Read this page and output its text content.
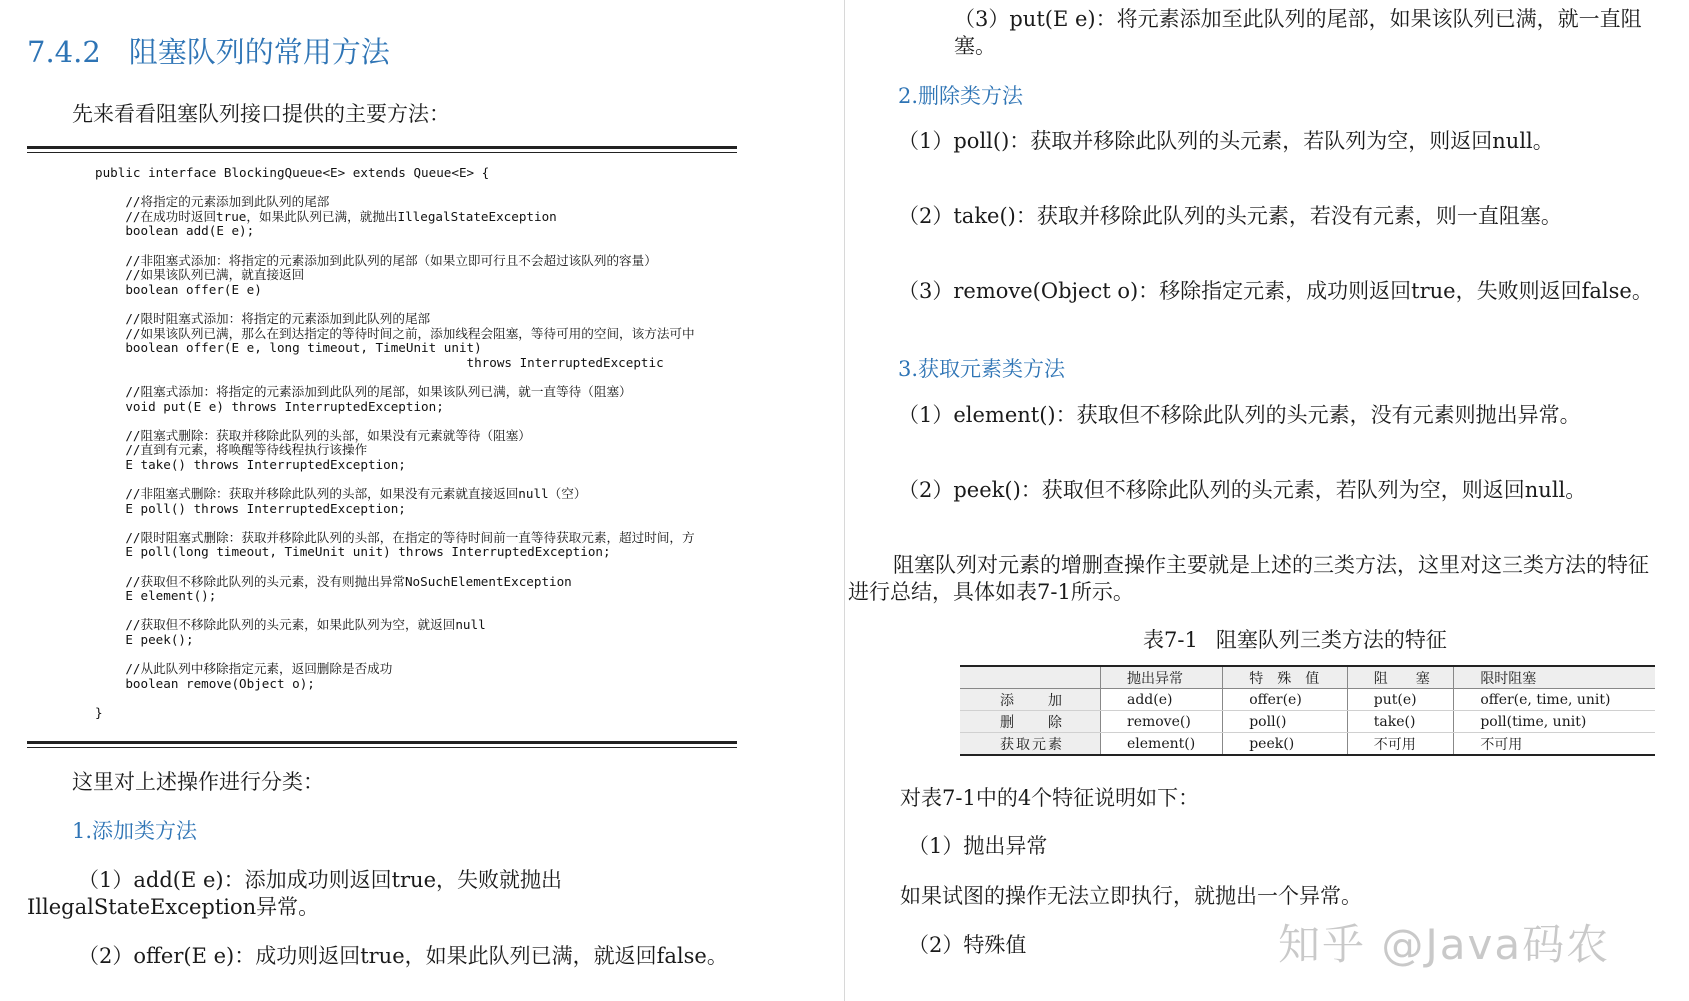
7.4.2 阻塞队列的常用方法
先来看看阻塞队列接口提供的主要方法：
public interface BlockingQueue<E> extends Queue<E> {

//将指定的元素添加到此队列的尾部
//在成功时返回true，如果此队列已满，就抛出IllegalStateException
boolean add(E e);

//非阻塞式添加：将指定的元素添加到此队列的尾部（如果立即可行且不会超过该队列的容量）
//如果该队列已满，就直接返回
boolean offer(E e)

//限时阻塞式添加：将指定的元素添加到此队列的尾部
//如果该队列已满，那么在到达指定的等待时间之前，添加线程会阻塞，等待可用的空间，该方法可中
boolean offer(E e, long timeout, TimeUnit unit)
throws InterruptedExceptic

//阻塞式添加：将指定的元素添加到此队列的尾部，如果该队列已满，就一直等待（阻塞）
void put(E e) throws InterruptedException;

//阻塞式删除：获取并移除此队列的头部，如果没有元素就等待（阻塞）
//直到有元素，将唤醒等待线程执行该操作
E take() throws InterruptedException;

//非阻塞式删除：获取并移除此队列的头部，如果没有元素就直接返回null（空）
E poll() throws InterruptedException;

//限时阻塞式删除：获取并移除此队列的头部，在指定的等待时间前一直等待获取元素，超过时间，方
E poll(long timeout, TimeUnit unit) throws InterruptedException;

//获取但不移除此队列的头元素，没有则抛出异常NoSuchElementException
E element();

//获取但不移除此队列的头元素，如果此队列为空，就返回null
E peek();

//从此队列中移除指定元素，返回删除是否成功
boolean remove(Object o);

}
这里对上述操作进行分类：
1.添加类方法
（1）add(E e)：添加成功则返回true，失败就抛出
IllegalStateException异常。
（2）offer(E e)：成功则返回true，如果此队列已满，就返回false。
（3）put(E e)：将元素添加至此队列的尾部，如果该队列已满，就一直阻塞。
2.删除类方法
（1）poll()：获取并移除此队列的头元素，若队列为空，则返回null。
（2）take()：获取并移除此队列的头元素，若没有元素，则一直阻塞。
（3）remove(Object o)：移除指定元素，成功则返回true，失败则返回false。
3.获取元素类方法
（1）element()：获取但不移除此队列的头元素，没有元素则抛出异常。
（2）peek()：获取但不移除此队列的头元素，若队列为空，则返回null。
阻塞队列对元素的增删查操作主要就是上述的三类方法，这里对这三类方法的特征进行总结，具体如表7-1所示。
表7-1 阻塞队列三类方法的特征
	抛出异常	特　殊　值	阻　　塞	限时阻塞
添　　加	add(e)	offer(e)	put(e)	offer(e, time, unit)
删　　除	remove()	poll()	take()	poll(time, unit)
获取元素	element()	peek()	不可用	不可用
对表7-1中的4个特征说明如下：
（1）抛出异常
如果试图的操作无法立即执行，就抛出一个异常。
（2）特殊值	知乎 @Java码农
